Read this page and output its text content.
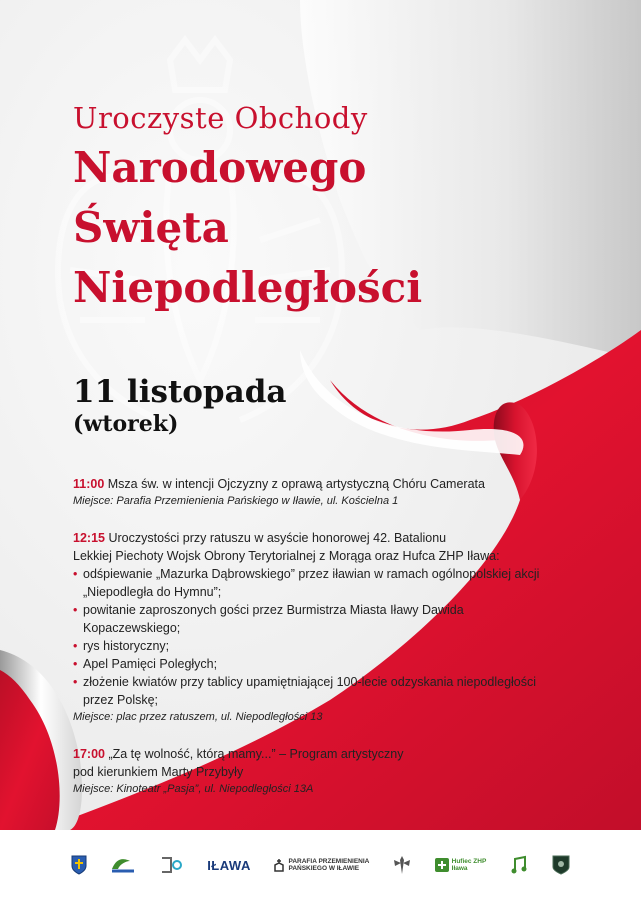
Uroczyste Obchody
Narodowego
Święta
Niepodległości
11 listopada
(wtorek)
11:00 Msza św. w intencji Ojczyzny z oprawą artystyczną Chóru Camerata
Miejsce: Parafia Przemienienia Pańskiego w Iławie, ul. Kościelna 1
12:15 Uroczystości przy ratuszu w asyście honorowej 42. Batalionu
Lekkiej Piechoty Wojsk Obrony Terytorialnej z Morąga oraz Hufca ZHP Iława:
• odśpiewanie „Mazurka Dąbrowskiego” przez iławian w ramach ogólnopolskiej akcji „Niepodległa do Hymnu”;
• powitanie zaproszonych gości przez Burmistrza Miasta Iławy Dawida Kopaczewskiego;
• rys historyczny;
• Apel Pamięci Poległych;
• złożenie kwiatów przy tablicy upamiętniającej 100-lecie odzyskania niepodległości przez Polskę;
Miejsce: plac przez ratuszem, ul. Niepodległości 13
17:00 „Za tę wolność, którą mamy...” – Program artystyczny
pod kierunkiem Marty Przybyły
Miejsce: Kinoteatr „Pasja”, ul. Niepodległości 13A
IŁAWA	PARAFIA PRZEMIENIENIA
PAŃSKIEGO W IŁAWIE
Hufiec ZHP
Iława
